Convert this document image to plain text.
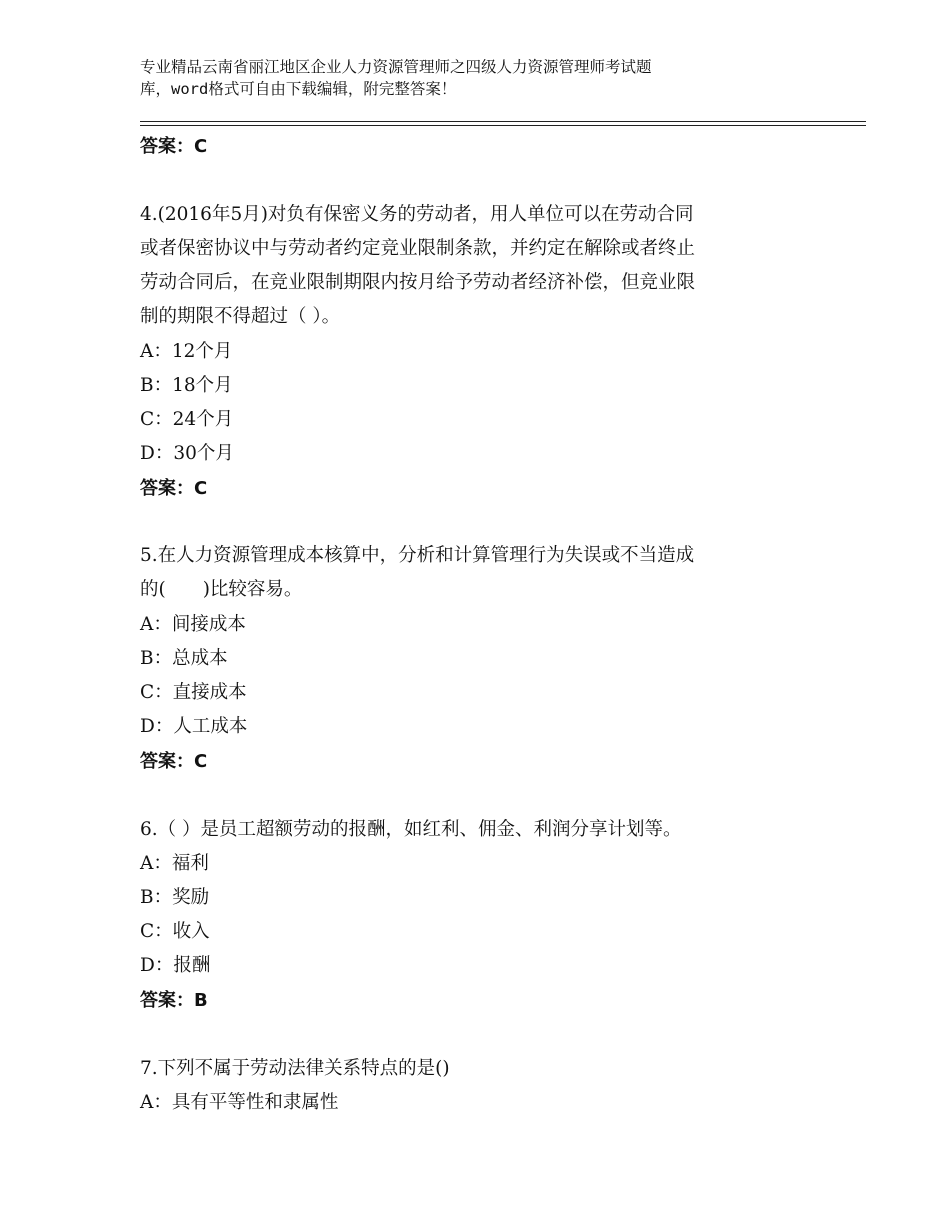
专业精品云南省丽江地区企业人力资源管理师之四级人力资源管理师考试题
库，word格式可自由下载编辑，附完整答案！
答案：C
4.(2016年5月)对负有保密义务的劳动者，用人单位可以在劳动合同
或者保密协议中与劳动者约定竞业限制条款，并约定在解除或者终止
劳动合同后，在竞业限制期限内按月给予劳动者经济补偿，但竞业限
制的期限不得超过（ ）。
A：12个月
B：18个月
C：24个月
D：30个月
答案：C
5.在人力资源管理成本核算中，分析和计算管理行为失误或不当造成
的(　　)比较容易。
A：间接成本
B：总成本
C：直接成本
D：人工成本
答案：C
6.（ ）是员工超额劳动的报酬，如红利、佣金、利润分享计划等。
A：福利
B：奖励
C：收入
D：报酬
答案：B
7.下列不属于劳动法律关系特点的是()
A：具有平等性和隶属性
